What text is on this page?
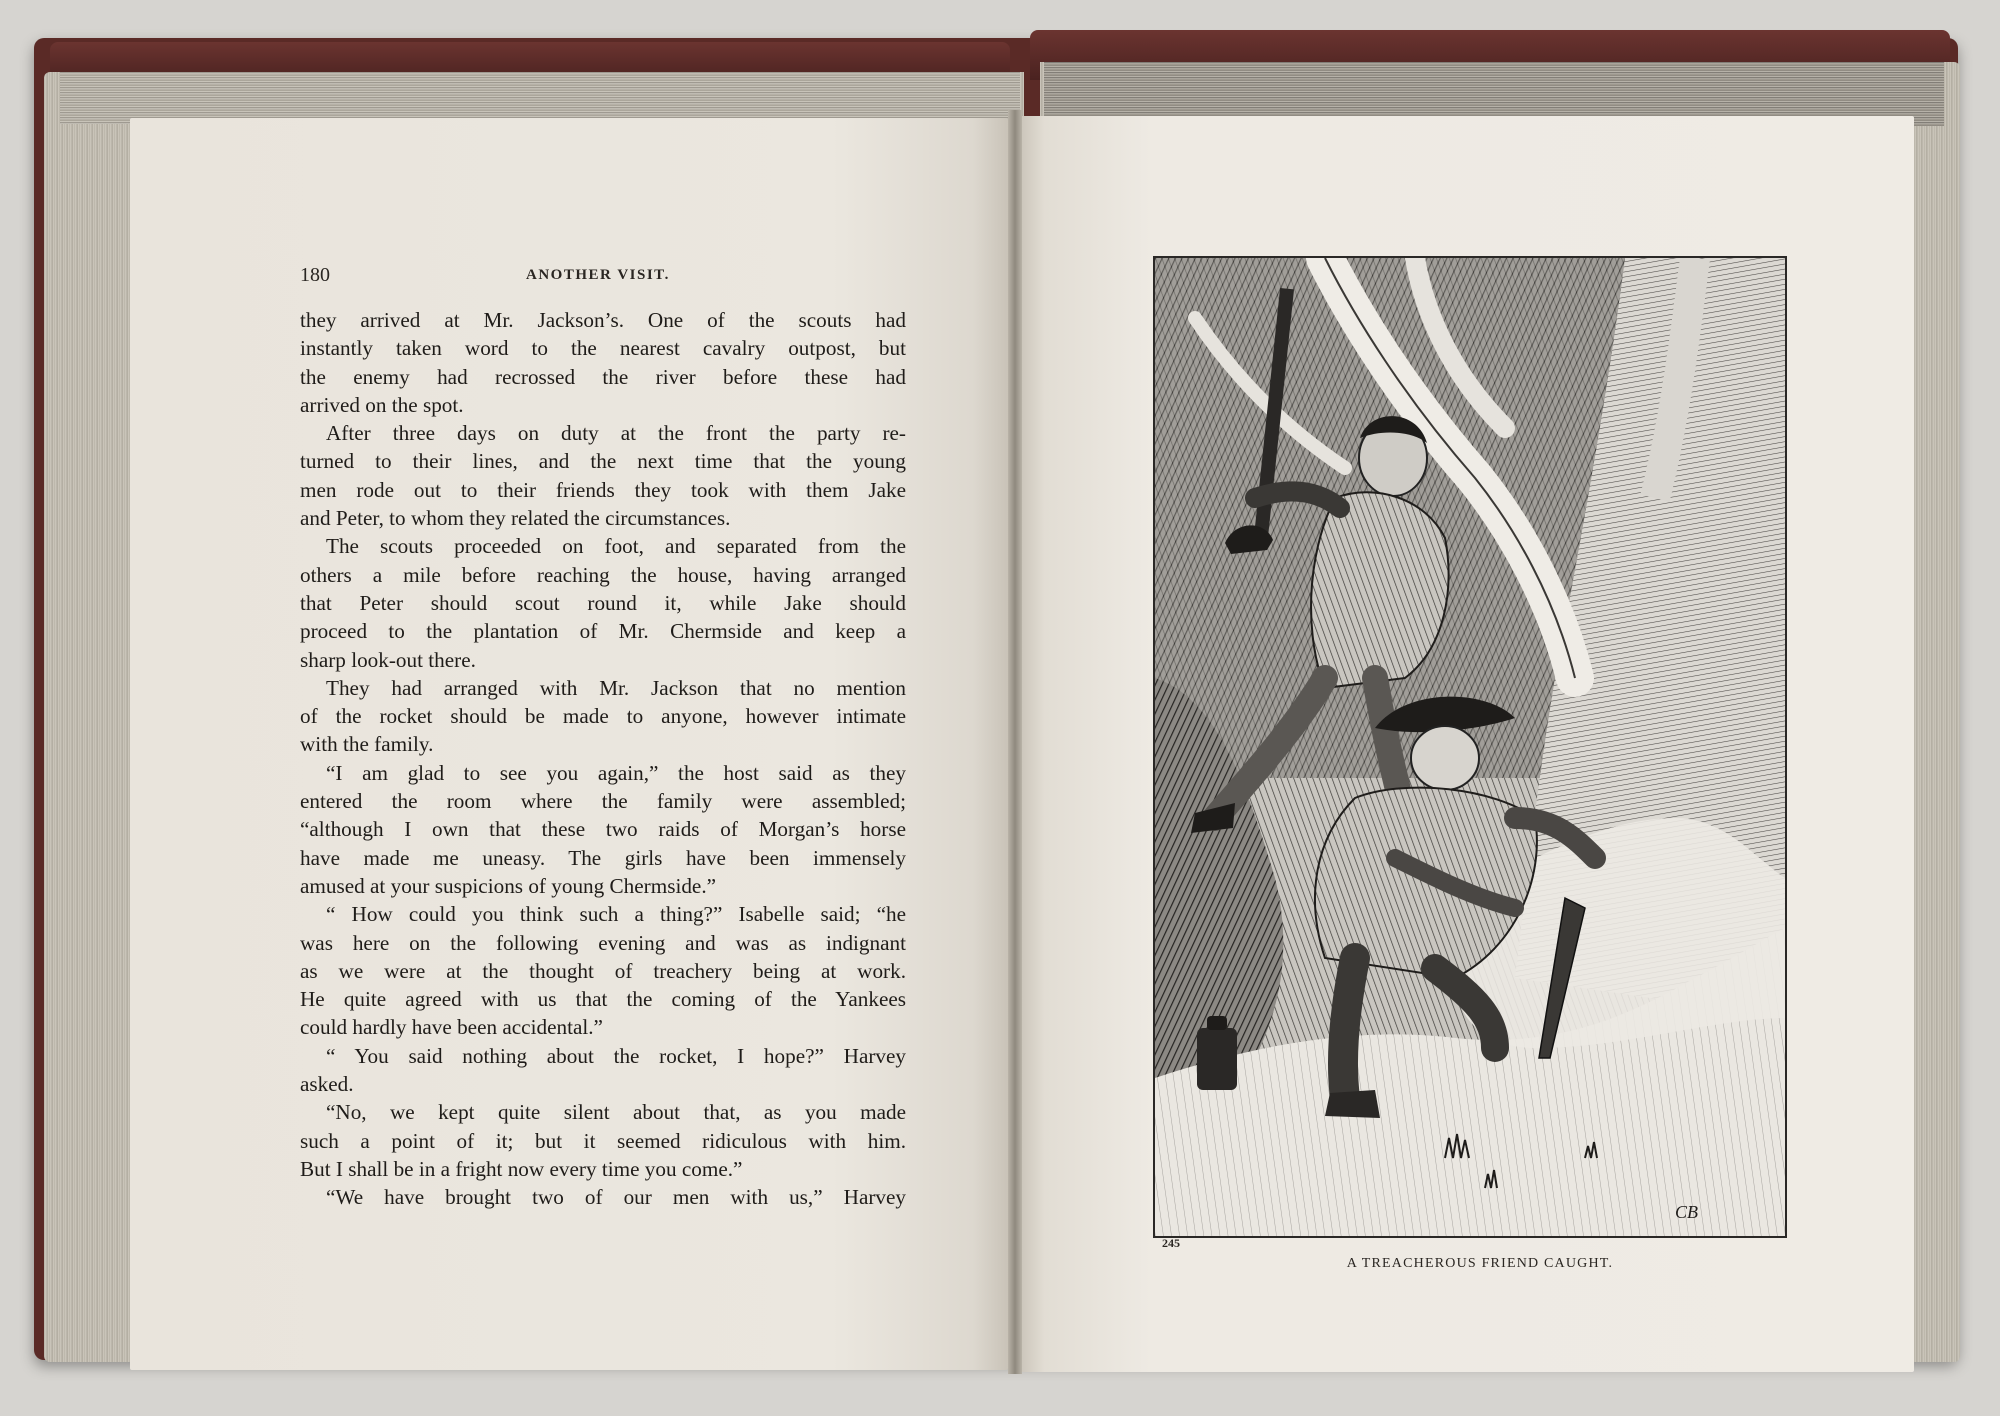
180	ANOTHER VISIT.
they arrived at Mr. Jackson’s. One of the scouts had
instantly taken word to the nearest cavalry outpost, but
the enemy had recrossed the river before these had
arrived on the spot.
After three days on duty at the front the party re-
turned to their lines, and the next time that the young
men rode out to their friends they took with them Jake
and Peter, to whom they related the circumstances.
The scouts proceeded on foot, and separated from the
others a mile before reaching the house, having arranged
that Peter should scout round it, while Jake should
proceed to the plantation of Mr. Chermside and keep a
sharp look-out there.
They had arranged with Mr. Jackson that no mention
of the rocket should be made to anyone, however intimate
with the family.
“I am glad to see you again,” the host said as they
entered the room where the family were assembled;
“although I own that these two raids of Morgan’s horse
have made me uneasy. The girls have been immensely
amused at your suspicions of young Chermside.”
“ How could you think such a thing?” Isabelle said; “he
was here on the following evening and was as indignant
as we were at the thought of treachery being at work.
He quite agreed with us that the coming of the Yankees
could hardly have been accidental.”
“ You said nothing about the rocket, I hope?” Harvey
asked.
“No, we kept quite silent about that, as you made
such a point of it; but it seemed ridiculous with him.
But I shall be in a fright now every time you come.”
“We have brought two of our men with us,” Harvey
CB
245
A TREACHEROUS FRIEND CAUGHT.
